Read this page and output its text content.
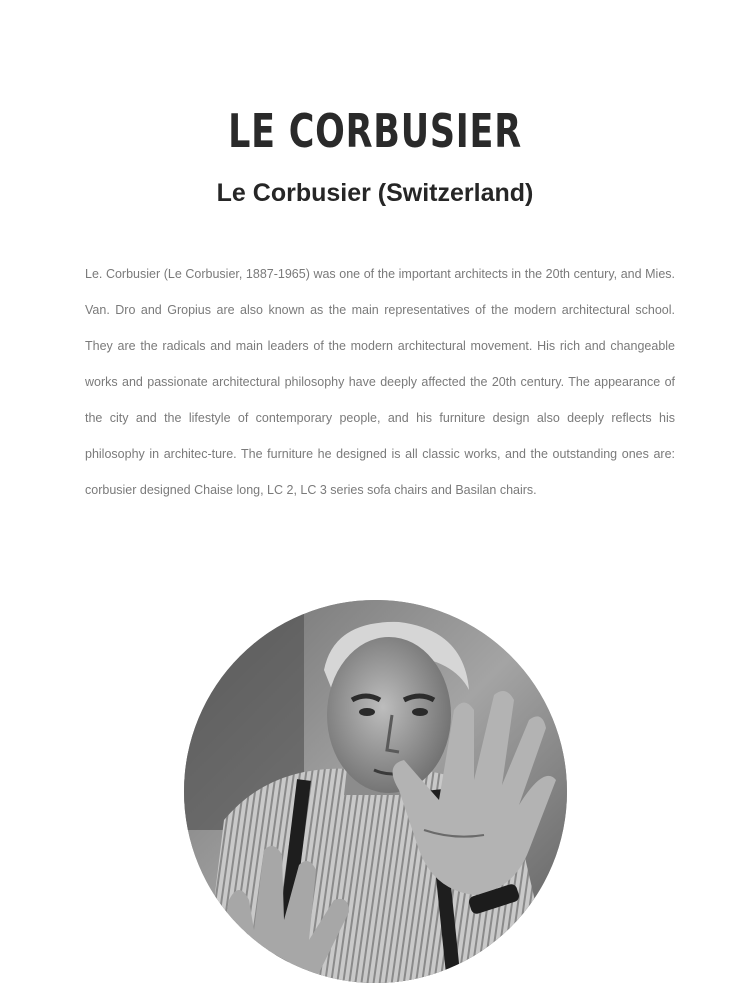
LE CORBUSIER
Le Corbusier (Switzerland)

Le. Corbusier (Le Corbusier, 1887-1965) was one of the important architects in the 20th century, and Mies. Van. Dro and Gropius are also known as the main representatives of the modern architectural school. They are the radicals and main leaders of the modern architectural movement. His rich and changeable works and passionate architectural philosophy have deeply affected the 20th century. The appearance of the city and the lifestyle of contemporary people, and his furniture design also deeply reflects his philosophy in architec-ture. The furniture he designed is all classic works, and the outstanding ones are: corbusier designed Chaise long, LC 2, LC 3 series sofa chairs and Basilan chairs.
